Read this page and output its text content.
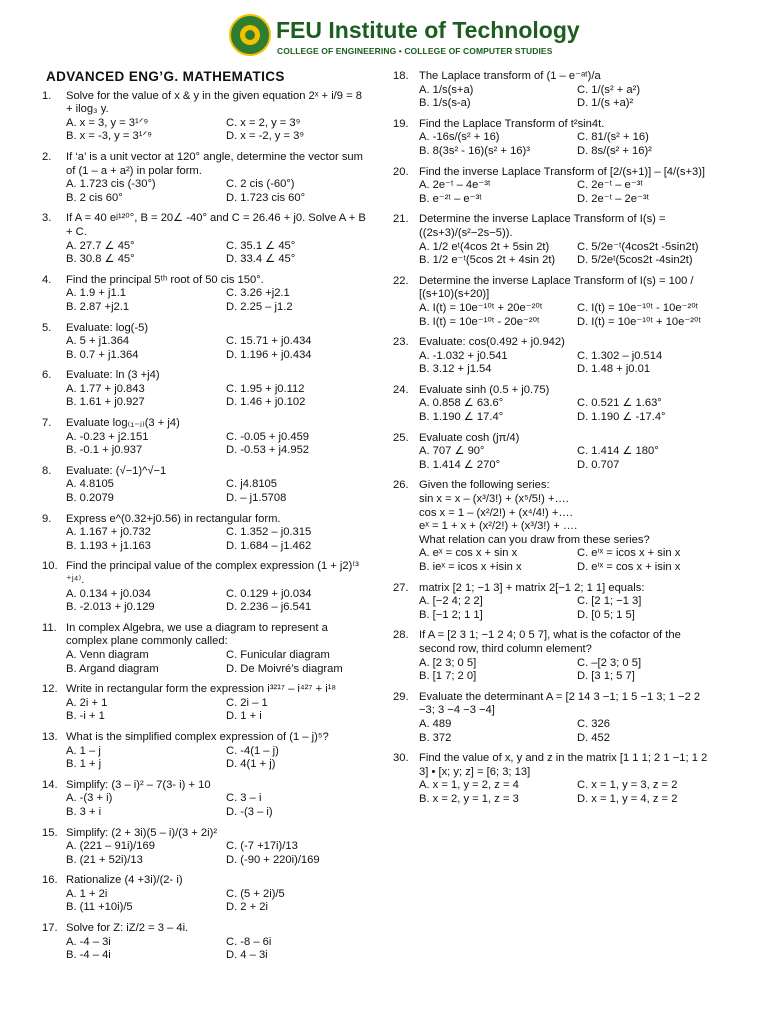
FEU Institute of Technology
COLLEGE OF ENGINEERING • COLLEGE OF COMPUTER STUDIES
ADVANCED ENG’G. MATHEMATICS
1.	Solve for the value of x & y in the given equation 2ˣ + i/9 = 8 + ilog₃ y.
A. x = 3, y = 3¹ᐟ⁹	C. x = 2, y = 3⁹
B. x = -3, y = 3¹ᐟ⁹	D. x = -2, y = 3⁹
2.	If ‘a’ is a unit vector at 120° angle, determine the vector sum of (1 – a + a²) in polar form.
A. 1.723 cis (-30°)	C. 2 cis (-60°)
B. 2 cis 60°	D. 1.723 cis 60°
3.	If A = 40 eʲ¹²⁰°, B = 20∠ -40° and C = 26.46 + j0. Solve A + B + C.
A. 27.7 ∠ 45°	C. 35.1 ∠ 45°
B. 30.8 ∠ 45°	D. 33.4 ∠ 45°
4.	Find the principal 5ᵗʰ root of 50 cis 150°.
A. 1.9 + j1.1	C. 3.26 +j2.1
B. 2.87 +j2.1	D. 2.25 – j1.2
5.	Evaluate: log(-5)
A. 5 + j1.364	C. 15.71 + j0.434
B. 0.7 + j1.364	D. 1.196 + j0.434
6.	Evaluate: ln (3 +j4)
A. 1.77 + j0.843	C. 1.95 + j0.112
B. 1.61 + j0.927	D. 1.46 + j0.102
7.	Evaluate log₍₁₋ⱼ₎(3 + j4)
A. -0.23 + j2.151	C. -0.05 + j0.459
B. -0.1 + j0.937	D. -0.53 + j4.952
8.	Evaluate: (√−1)^√−1
A. 4.8105	C. j4.8105
B. 0.2079	D. – j1.5708
9.	Express e^(0.32+j0.56) in rectangular form.
A. 1.167 + j0.732	C. 1.352 – j0.315
B. 1.193 + j1.163	D. 1.684 – j1.462
10. Find the principal value of the complex expression (1 + j2)⁽³ ⁺ʲ⁴⁾.
A. 0.134 + j0.034	C. 0.129 + j0.034
B. -2.013 + j0.129	D. 2.236 – j6.541
11. In complex Algebra, we use a diagram to represent a complex plane commonly called:
A. Venn diagram	C. Funicular diagram
B. Argand diagram	D. De Moivré’s diagram
12. Write in rectangular form the expression i³²¹⁷ – i⁴²⁷ + i¹⁸
A. 2i + 1	C. 2i – 1
B. -i + 1	D. 1 + i
13. What is the simplified complex expression of (1 – j)⁵?
A. 1 – j	C. -4(1 – j)
B. 1 + j	D. 4(1 + j)
14. Simplify: (3 – i)² – 7(3- i) + 10
A. -(3 + i)	C. 3 – i
B. 3 + i	D. -(3 – i)
15. Simplify: (2 + 3i)(5 – i)/(3 + 2i)²
A. (221 – 91i)/169	C. (-7 +17i)/13
B. (21 + 52i)/13	D. (-90 + 220i)/169
16. Rationalize (4 +3i)/(2- i)
A. 1 + 2i	C. (5 + 2i)/5
B. (11 +10i)/5	D. 2 + 2i
17. Solve for Z: iZ/2 = 3 – 4i.
A. -4 – 3i	C. -8 – 6i
B. -4 – 4i	D. 4 – 3i
18. The Laplace transform of (1 – e⁻ᵃᵗ)/a
A. 1/s(s+a)	C. 1/(s² + a²)
B. 1/s(s-a)	D. 1/(s +a)²
19. Find the Laplace Transform of t²sin4t.
A. -16s/(s² + 16)	C. 81/(s² + 16)
B. 8(3s² - 16)(s² + 16)³	D. 8s/(s² + 16)²
20. Find the inverse Laplace Transform of [2/(s+1)] – [4/(s+3)]
A. 2e⁻ᵗ – 4e⁻³ᵗ	C. 2e⁻ᵗ – e⁻³ᵗ
B. e⁻²ᵗ – e⁻³ᵗ	D. 2e⁻ᵗ – 2e⁻³ᵗ
21. Determine the inverse Laplace Transform of I(s) = ((2s+3)/(s²−2s−5)).
A. 1/2 eᵗ(4cos 2t + 5sin 2t)	C. 5/2e⁻ᵗ(4cos2t -5sin2t)
B. 1/2 e⁻ᵗ(5cos 2t + 4sin 2t)	D. 5/2eᵗ(5cos2t -4sin2t)
22. Determine the inverse Laplace Transform of I(s) = 100 / [(s+10)(s+20)]
A. I(t) = 10e⁻¹⁰ᵗ + 20e⁻²⁰ᵗ	C. I(t) = 10e⁻¹⁰ᵗ - 10e⁻²⁰ᵗ
B. I(t) = 10e⁻¹⁰ᵗ - 20e⁻²⁰ᵗ	D. I(t) = 10e⁻¹⁰ᵗ + 10e⁻²⁰ᵗ
23. Evaluate: cos(0.492 + j0.942)
A. -1.032 + j0.541	C. 1.302 – j0.514
B. 3.12 + j1.54	D. 1.48 + j0.01
24. Evaluate sinh (0.5 + j0.75)
A. 0.858 ∠ 63.6°	C. 0.521 ∠ 1.63°
B. 1.190 ∠ 17.4°	D. 1.190 ∠ -17.4°
25. Evaluate cosh (jπ/4)
A. 707 ∠ 90°	C. 1.414 ∠ 180°
B. 1.414 ∠ 270°	D. 0.707
26. Given the following series:
sin x = x – (x³/3!) + (x⁵/5!) +….
cos x = 1 – (x²/2!) + (x⁴/4!) +….
eˣ = 1 + x + (x²/2!) + (x³/3!) + ….
What relation can you draw from these series?
A. eˣ = cos x + sin x	C. eⁱˣ = icos x + sin x
B. ieˣ = icos x +isin x	D. eⁱˣ = cos x + isin x
27. matrix [2 1; −1 3] + matrix 2[−1 2; 1 1] equals:
A. [−2 4; 2 2]	C. [2 1; −1 3]
B. [−1 2; 1 1]	D. [0 5; 1 5]
28. If A = [2 3 1; −1 2 4; 0 5 7], what is the cofactor of the second row, third column element?
A. [2 3; 0 5]	C. –[2 3; 0 5]
B. [1 7; 2 0]	D. [3 1; 5 7]
29. Evaluate the determinant A = [2 14 3 −1; 1 5 −1 3; 1 −2 2 −3; 3 −4 −3 −4]
A. 489	C. 326
B. 372	D. 452
30. Find the value of x, y and z in the matrix [1 1 1; 2 1 −1; 1 2 3] • [x; y; z] = [6; 3; 13]
A. x = 1, y = 2, z = 4	C. x = 1, y = 3, z = 2
B. x = 2, y = 1, z = 3	D. x = 1, y = 4, z = 2
